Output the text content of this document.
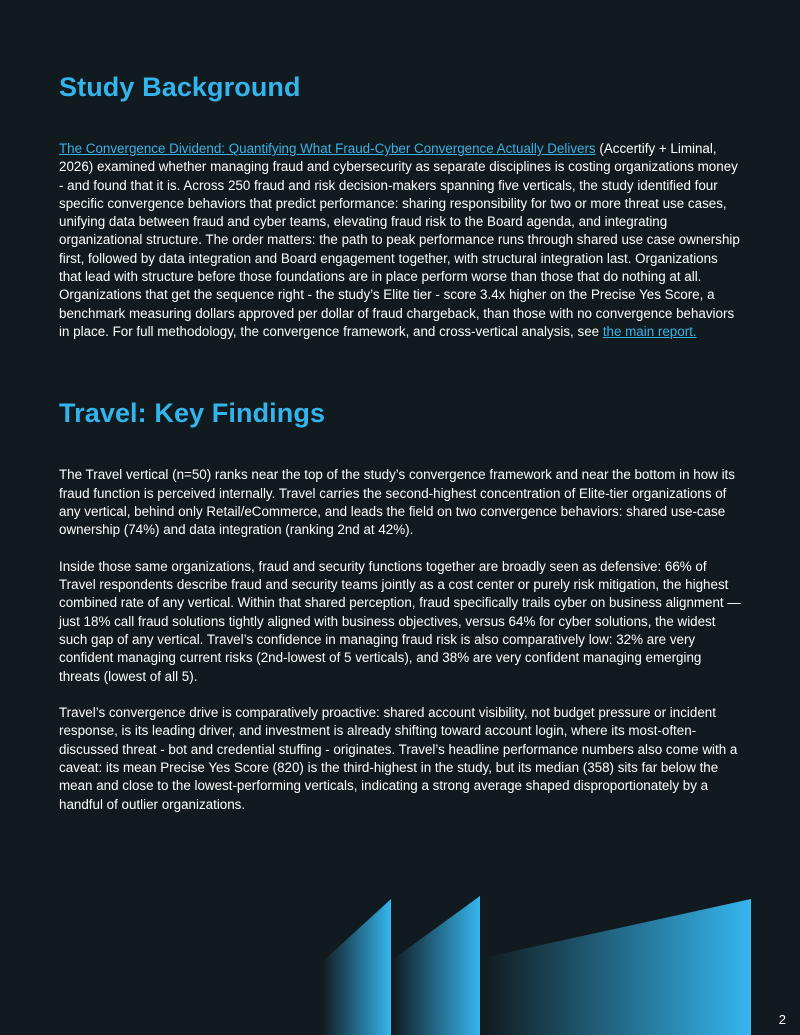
Study Background

The Convergence Dividend: Quantifying What Fraud-Cyber Convergence Actually Delivers (Accertify + Liminal, 2026) examined whether managing fraud and cybersecurity as separate disciplines is costing organizations money - and found that it is. Across 250 fraud and risk decision-makers spanning five verticals, the study identified four specific convergence behaviors that predict performance: sharing responsibility for two or more threat use cases, unifying data between fraud and cyber teams, elevating fraud risk to the Board agenda, and integrating organizational structure. The order matters: the path to peak performance runs through shared use case ownership first, followed by data integration and Board engagement together, with structural integration last. Organizations that lead with structure before those foundations are in place perform worse than those that do nothing at all. Organizations that get the sequence right - the study’s Elite tier - score 3.4x higher on the Precise Yes Score, a benchmark measuring dollars approved per dollar of fraud chargeback, than those with no convergence behaviors in place. For full methodology, the convergence framework, and cross-vertical analysis, see the main report.

Travel: Key Findings

The Travel vertical (n=50) ranks near the top of the study’s convergence framework and near the bottom in how its fraud function is perceived internally. Travel carries the second-highest concentration of Elite-tier organizations of any vertical, behind only Retail/eCommerce, and leads the field on two convergence behaviors: shared use-case ownership (74%) and data integration (ranking 2nd at 42%).

Inside those same organizations, fraud and security functions together are broadly seen as defensive: 66% of Travel respondents describe fraud and security teams jointly as a cost center or purely risk mitigation, the highest combined rate of any vertical. Within that shared perception, fraud specifically trails cyber on business alignment — just 18% call fraud solutions tightly aligned with business objectives, versus 64% for cyber solutions, the widest such gap of any vertical. Travel’s confidence in managing fraud risk is also comparatively low: 32% are very confident managing current risks (2nd-lowest of 5 verticals), and 38% are very confident managing emerging threats (lowest of all 5).

Travel’s convergence drive is comparatively proactive: shared account visibility, not budget pressure or incident response, is its leading driver, and investment is already shifting toward account login, where its most-often-discussed threat - bot and credential stuffing - originates. Travel’s headline performance numbers also come with a caveat: its mean Precise Yes Score (820) is the third-highest in the study, but its median (358) sits far below the mean and close to the lowest-performing verticals, indicating a strong average shaped disproportionately by a handful of outlier organizations.

2
